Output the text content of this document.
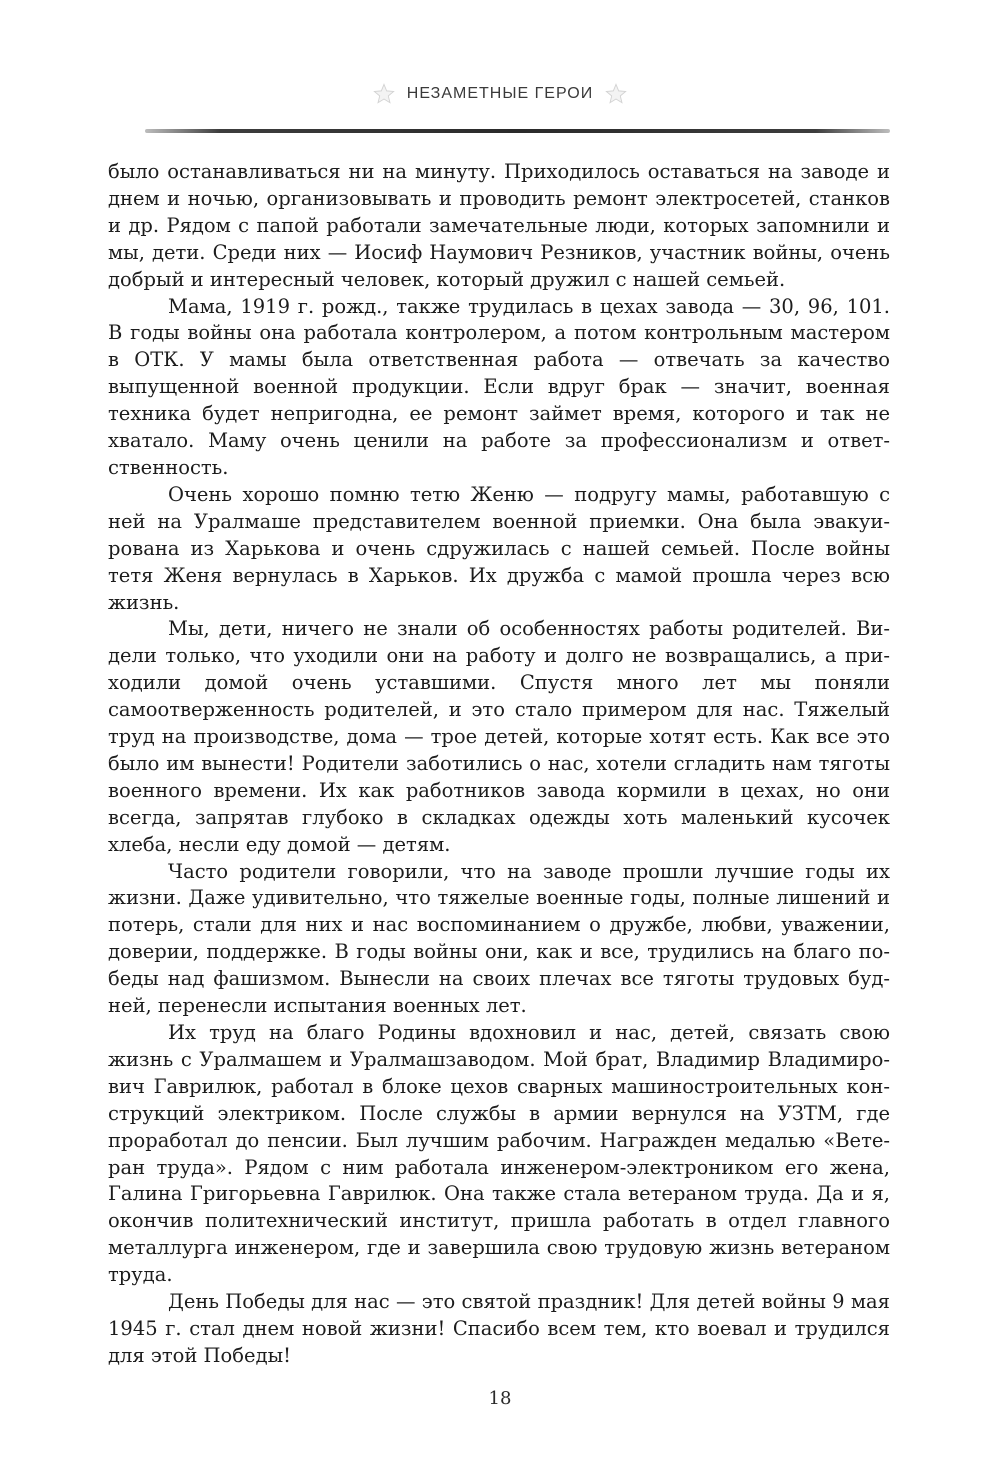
НЕЗАМЕТНЫЕ ГЕРОИ

было останавливаться ни на минуту. Приходилось оставаться на заводе и днем и ночью, организовывать и проводить ремонт электросетей, станков и др. Рядом с папой работали замечательные люди, которых запомнили и мы, дети. Среди них — Иосиф Наумович Резников, участник войны, очень добрый и интересный человек, который дружил с нашей семьей.

Мама, 1919 г. рожд., также трудилась в цехах завода — 30, 96, 101. В годы войны она работала контролером, а потом контрольным мастером в ОТК. У мамы была ответственная работа — отвечать за качество выпущенной военной продукции. Если вдруг брак — значит, военная техника будет непригодна, ее ремонт займет время, которого и так не хватало. Маму очень ценили на работе за профессионализм и ответственность.

Очень хорошо помню тетю Женю — подругу мамы, работавшую с ней на Уралмаше представителем военной приемки. Она была эвакуирована из Харькова и очень сдружилась с нашей семьей. После войны тетя Женя вернулась в Харьков. Их дружба с мамой прошла через всю жизнь.

Мы, дети, ничего не знали об особенностях работы родителей. Видели только, что уходили они на работу и долго не возвращались, а приходили домой очень уставшими. Спустя много лет мы поняли самоотверженность родителей, и это стало примером для нас. Тяжелый труд на производстве, дома — трое детей, которые хотят есть. Как все это было им вынести! Родители заботились о нас, хотели сгладить нам тяготы военного времени. Их как работников завода кормили в цехах, но они всегда, запрятав глубоко в складках одежды хоть маленький кусочек хлеба, несли еду домой — детям.

Часто родители говорили, что на заводе прошли лучшие годы их жизни. Даже удивительно, что тяжелые военные годы, полные лишений и потерь, стали для них и нас воспоминанием о дружбе, любви, уважении, доверии, поддержке. В годы войны они, как и все, трудились на благо победы над фашизмом. Вынесли на своих плечах все тяготы трудовых будней, перенесли испытания военных лет.

Их труд на благо Родины вдохновил и нас, детей, связать свою жизнь с Уралмашем и Уралмашзаводом. Мой брат, Владимир Владимирович Гаврилюк, работал в блоке цехов сварных машиностроительных конструкций электриком. После службы в армии вернулся на УЗТМ, где проработал до пенсии. Был лучшим рабочим. Награжден медалью «Ветеран труда». Рядом с ним работала инженером-электроником его жена, Галина Григорьевна Гаврилюк. Она также стала ветераном труда. Да и я, окончив политехнический институт, пришла работать в отдел главного металлурга инженером, где и завершила свою трудовую жизнь ветераном труда.

День Победы для нас — это святой праздник! Для детей войны 9 мая 1945 г. стал днем новой жизни! Спасибо всем тем, кто воевал и трудился для этой Победы!

18
